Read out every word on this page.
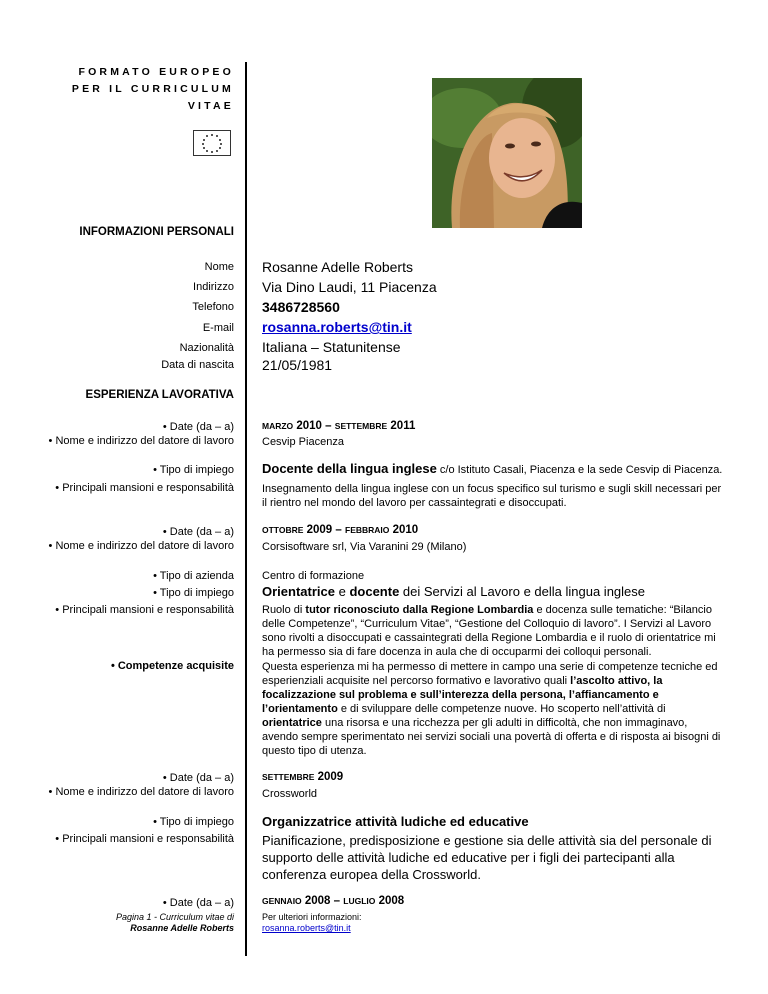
FORMATO EUROPEO
PER IL CURRICULUM
VITAE
INFORMAZIONI PERSONALI
Nome
Indirizzo
Telefono
E-mail
Nazionalità
Data di nascita
Rosanne Adelle Roberts
Via Dino Laudi, 11 Piacenza
3486728560
rosanna.roberts@tin.it
Italiana – Statunitense
21/05/1981
ESPERIENZA LAVORATIVA
• Date (da – a)
• Nome e indirizzo del datore di lavoro
• Tipo di impiego
• Principali mansioni e responsabilità
MARZO 2010 – SETTEMBRE 2011
Cesvip Piacenza
Docente della lingua inglese c/o Istituto Casali, Piacenza e la sede Cesvip di Piacenza.
Insegnamento della lingua inglese con un focus specifico sul turismo e sugli skill necessari per il rientro nel mondo del lavoro per cassaintegrati e disoccupati.
• Date (da – a)
• Nome e indirizzo del datore di lavoro
• Tipo di azienda
• Tipo di impiego
• Principali mansioni e responsabilità
• Competenze acquisite
OTTOBRE 2009 – FEBBRAIO 2010
Corsisoftware srl, Via Varanini 29 (Milano)
Centro di formazione
Orientatrice e docente dei Servizi al Lavoro e della lingua inglese
Ruolo di tutor riconosciuto dalla Regione Lombardia e docenza sulle tematiche: “Bilancio delle Competenze”, “Curriculum Vitae”, “Gestione del Colloquio di lavoro”. I Servizi al Lavoro sono rivolti a disoccupati e cassaintegrati della Regione Lombardia e il ruolo di orientatrice mi ha permesso sia di fare docenza in aula che di occuparmi dei colloqui personali.
Questa esperienza mi ha permesso di mettere in campo una serie di competenze tecniche ed esperienziali acquisite nel percorso formativo e lavorativo quali l’ascolto attivo, la focalizzazione sul problema e sull’interezza della persona, l’affiancamento e l’orientamento e di sviluppare delle competenze nuove. Ho scoperto nell’attività di orientatrice una risorsa e una ricchezza per gli adulti in difficoltà, che non immaginavo, avendo sempre sperimentato nei servizi sociali una povertà di offerta e di risposta ai bisogni di questo tipo di utenza.
• Date (da – a)
• Nome e indirizzo del datore di lavoro
• Tipo di impiego
• Principali mansioni e responsabilità
SETTEMBRE 2009
Crossworld
Organizzatrice attività ludiche ed educative
Pianificazione, predisposizione e gestione sia delle attività sia del personale di supporto delle attività ludiche ed educative per i figli dei partecipanti alla conferenza europea della Crossworld.
• Date (da – a)	GENNAIO 2008 – LUGLIO 2008
Pagina 1 - Curriculum vitae di
Rosanne Adelle Roberts
Per ulteriori informazioni:
rosanna.roberts@tin.it
